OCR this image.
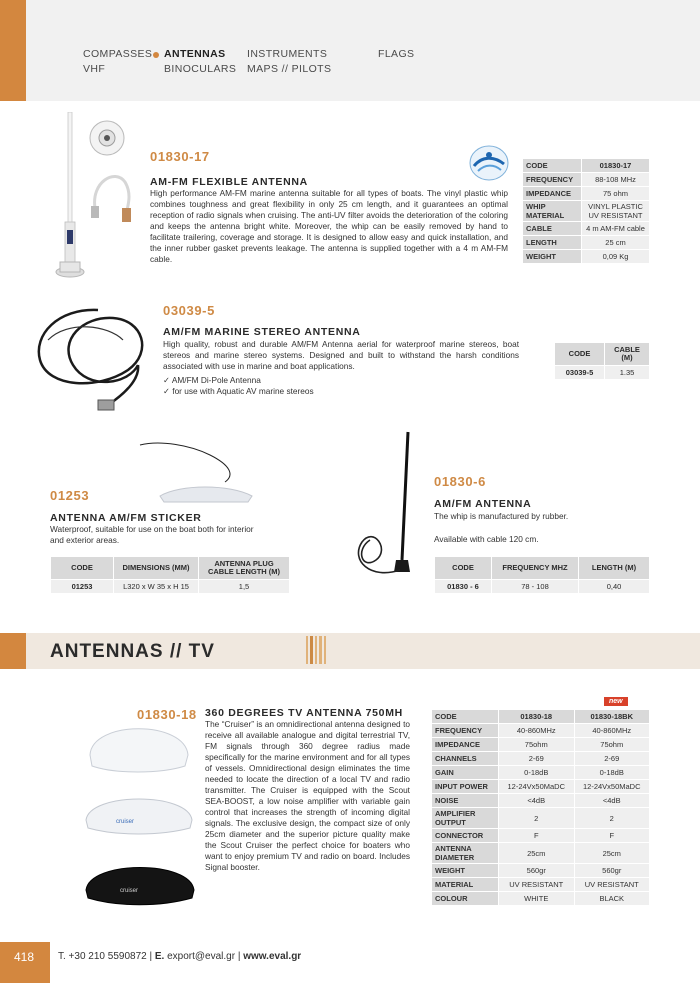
COMPASSES ANTENNAS INSTRUMENTS	FLAGS
VHF	BINOCULARS MAPS // PILOTS
01830-17
AM-FM FLEXIBLE ANTENNA
High performance AM-FM marine antenna suitable for all types of boats. The vinyl plastic whip combines toughness and great flexibility in only 25 cm length, and it guarantees an optimal reception of radio signals when cruising. The anti-UV filter avoids the deterioration of the coloring and keeps the antenna bright white. Moreover, the whip can be easily removed by hand to facilitate trailering, coverage and storage. It is designed to allow easy and quick installation, and the inner rubber gasket prevents leakage. The antenna is supplied together with a 4 m AM-FM cable.
CODE	01830-17
FREQUENCY	88-108 MHz
IMPEDANCE	75 ohm
WHIP MATERIAL	VINYL PLASTIC UV RESISTANT
CABLE	4 m AM-FM cable
LENGTH	25 cm
WEIGHT	0,09 Kg
03039-5
AM/FM MARINE STEREO ANTENNA
High quality, robust and durable AM/FM Antenna aerial for waterproof marine stereos, boat stereos and marine stereo systems. Designed and built to withstand the harsh conditions associated with use in marine and boat applications.
✓ AM/FM Di-Pole Antenna
✓ for use with Aquatic AV marine stereos
CODE	CABLE (M)
03039-5	1.35
01253
ANTENNA AM/FM STICKER
Waterproof, suitable for use on the boat both for interior and exterior areas.
CODE	DIMENSIONS (MM)	ANTENNA PLUG CABLE LENGTH (M)
01253	L320 x W 35 x H 15	1,5
01830-6
AM/FM ANTENNA
The whip is manufactured by rubber.
Available with cable 120 cm.
CODE	FREQUENCY MHZ	LENGTH (M)
01830 - 6	78 - 108	0,40
ANTENNAS // TV
cruiser
cruiser
01830-18 360 DEGREES TV ANTENNA 750MH
The “Cruiser” is an omnidirectional antenna designed to receive all available analogue and digital terrestrial TV, FM signals through 360 degree radius made specifically for the marine environment and for all types of vessels. Omnidirectional design eliminates the time needed to locate the direction of a local TV and radio transmitter. The Cruiser is equipped with the Scout SEA-BOOST, a low noise amplifier with variable gain control that increases the strength of incoming digital signals. The exclusive design, the compact size of only 25cm diameter and the superior picture quality make the Scout Cruiser the perfect choice for boaters who want to enjoy premium TV and radio on board. Includes Signal booster.
new
CODE	01830-18	01830-18BK
FREQUENCY	40-860MHz	40-860MHz
IMPEDANCE	75ohm	75ohm
CHANNELS	2-69	2-69
GAIN	0-18dB	0-18dB
INPUT POWER	12-24Vx50MaDC	12-24Vx50MaDC
NOISE	<4dB	<4dB
AMPLIFIER OUTPUT	2	2
CONNECTOR	F	F
ANTENNA DIAMETER	25cm	25cm
WEIGHT	560gr	560gr
MATERIAL	UV RESISTANT	UV RESISTANT
COLOUR	WHITE	BLACK
418 T. +30 210 5590872 | E. export@eval.gr | www.eval.gr
